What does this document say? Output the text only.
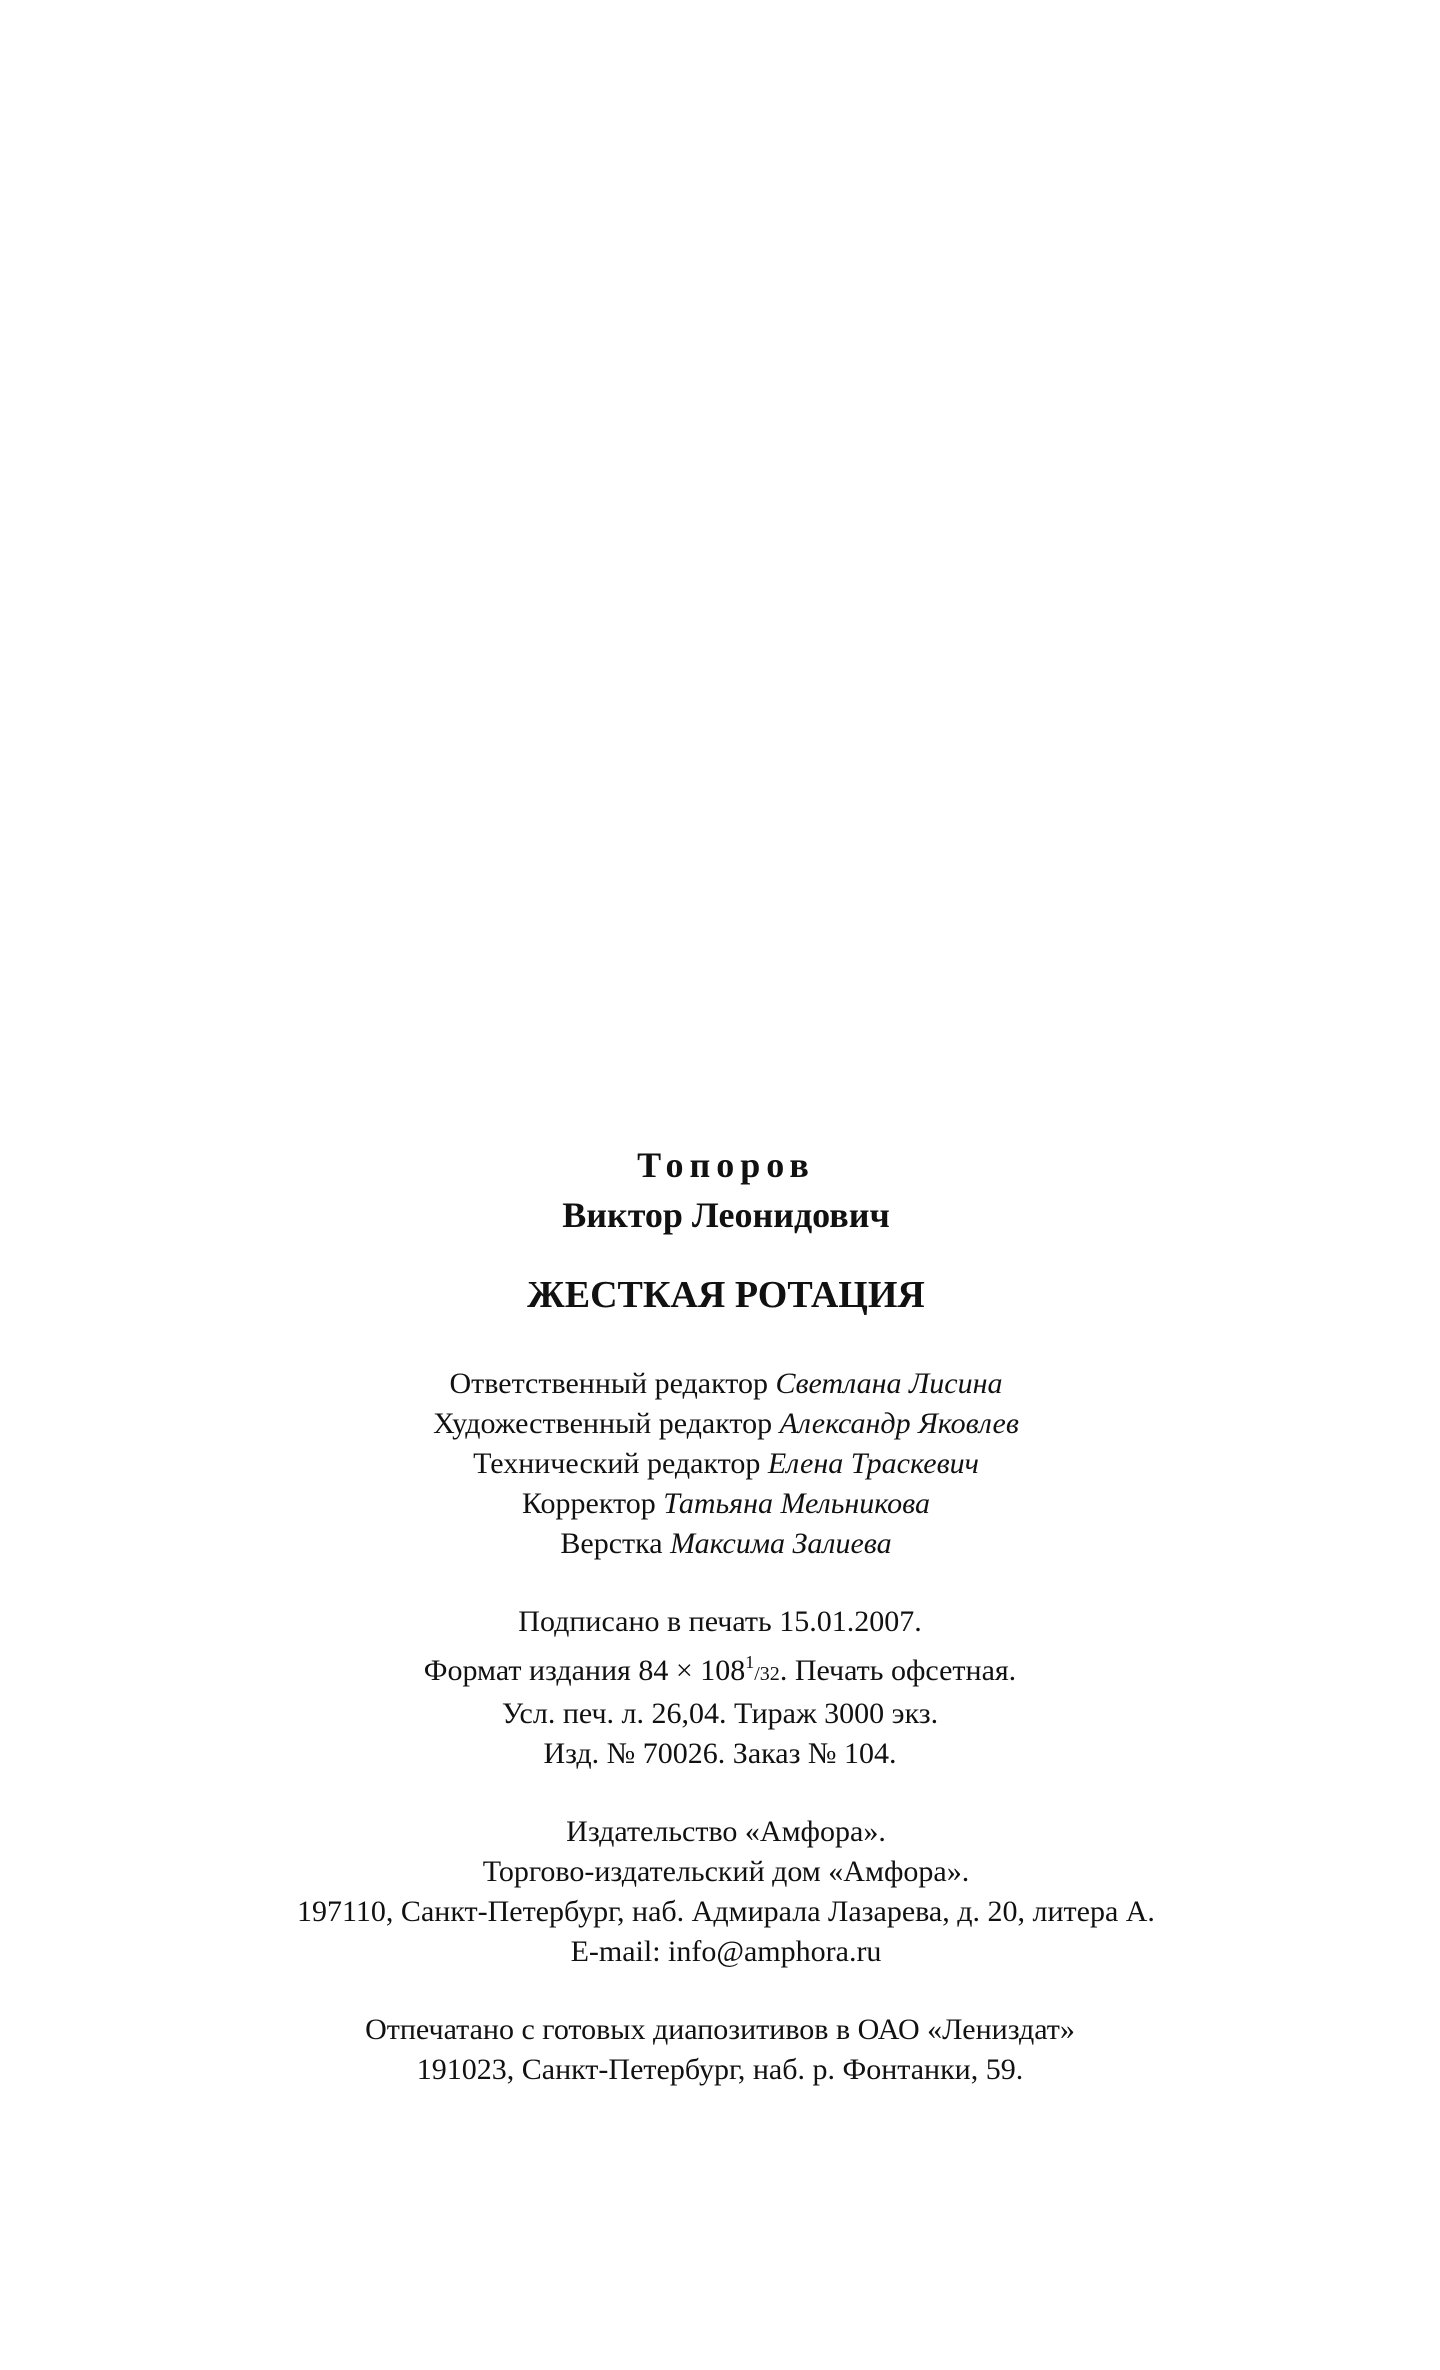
Топоров
Виктор Леонидович
ЖЕСТКАЯ РОТАЦИЯ
Ответственный редактор Светлана Лисина
Художественный редактор Александр Яковлев
Технический редактор Елена Траскевич
Корректор Татьяна Мельникова
Верстка Максима Залиева
Подписано в печать 15.01.2007.
Формат издания $84 \times 108^1/32$. Печать офсетная.
Усл. печ. л. 26,04. Тираж 3000 экз.
Изд. № 70026. Заказ № 104.
Издательство «Амфора».
Торгово-издательский дом «Амфора».
197110, Санкт-Петербург, наб. Адмирала Лазарева, д. 20, литера А.
E-mail: info@amphora.ru
Отпечатано с готовых диапозитивов в ОАО «Лениздат»
191023, Санкт-Петербург, наб. р. Фонтанки, 59.
